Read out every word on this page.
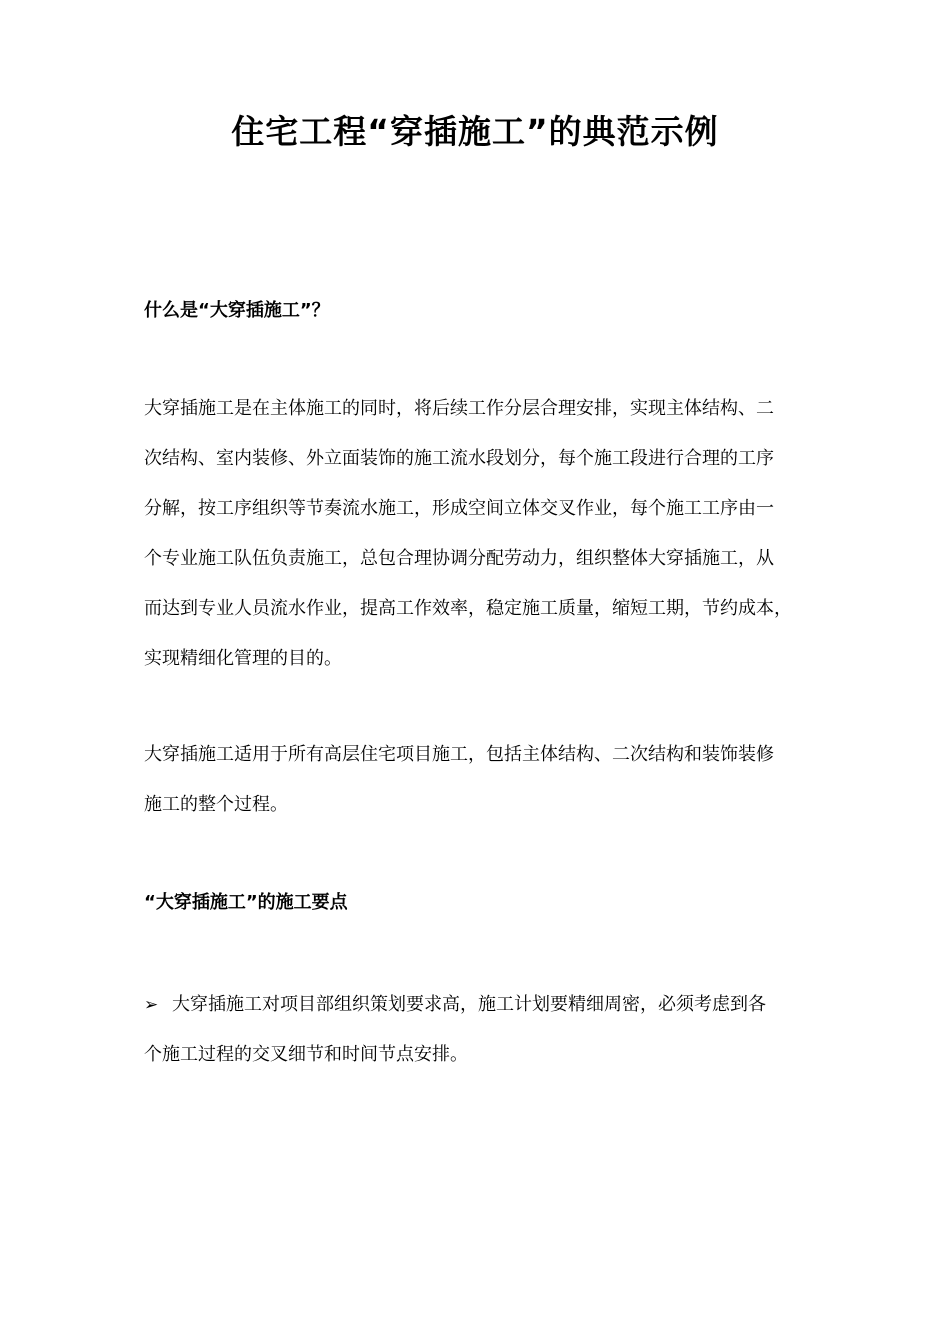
住宅工程“穿插施工”的典范示例
什么是“大穿插施工”？
大穿插施工是在主体施工的同时，将后续工作分层合理安排，实现主体结构、二
次结构、室内装修、外立面装饰的施工流水段划分，每个施工段进行合理的工序
分解，按工序组织等节奏流水施工，形成空间立体交叉作业，每个施工工序由一
个专业施工队伍负责施工，总包合理协调分配劳动力，组织整体大穿插施工，从
而达到专业人员流水作业，提高工作效率，稳定施工质量，缩短工期，节约成本，
实现精细化管理的目的。
大穿插施工适用于所有高层住宅项目施工，包括主体结构、二次结构和装饰装修
施工的整个过程。
“大穿插施工”的施工要点
➢ 大穿插施工对项目部组织策划要求高，施工计划要精细周密，必须考虑到各
个施工过程的交叉细节和时间节点安排。
